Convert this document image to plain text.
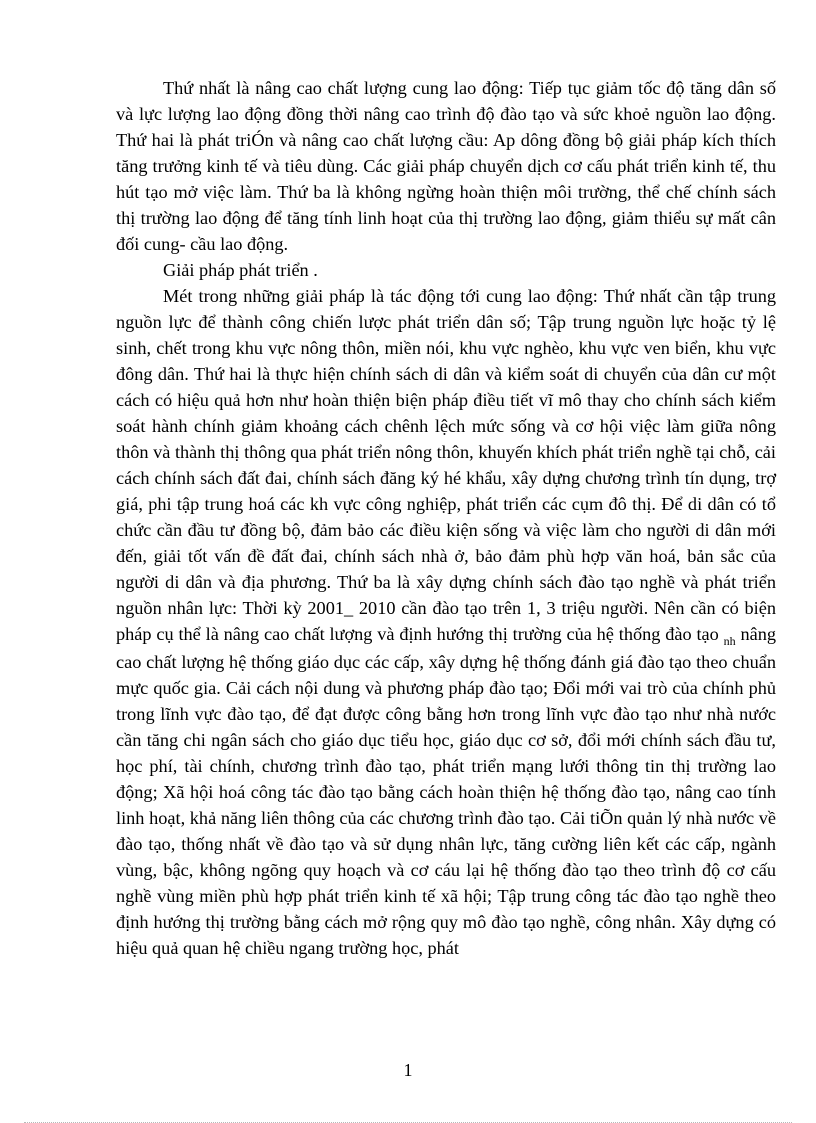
Thứ nhất là nâng cao chất lượng cung lao động: Tiếp tục giảm tốc độ tăng dân số và lực lượng lao động đồng thời nâng cao trình độ đào tạo và sức khoẻ nguồn lao động. Thứ hai là phát triÓn và nâng cao chất lượng cầu: Ap dông đồng bộ giải pháp kích thích tăng trưởng kinh tế và tiêu dùng. Các giải pháp chuyển dịch cơ cấu phát triển kinh tế, thu hút tạo mở việc làm. Thứ ba là không ngừng hoàn thiện môi trường, thể chế chính sách thị trường lao động để tăng tính linh hoạt của thị trường lao động, giảm thiểu sự mất cân đối cung- cầu lao động.

Giải pháp phát triển .

Mét trong những giải pháp là tác động tới cung lao động: Thứ nhất cần tập trung nguồn lực để thành công chiến lược phát triển dân số; Tập trung nguồn lực hoặc tỷ lệ sinh, chết trong khu vực nông thôn, miền nói, khu vực nghèo, khu vực ven biển, khu vực đông dân. Thứ hai là thực hiện chính sách di dân và kiểm soát di chuyển của dân cư một cách có hiệu quả hơn như hoàn thiện biện pháp điều tiết vĩ mô thay cho chính sách kiểm soát hành chính giảm khoảng cách chênh lệch mức sống và cơ hội việc làm giữa nông thôn và thành thị thông qua phát triển nông thôn, khuyến khích phát triển nghề tại chỗ, cải cách chính sách đất đai, chính sách đăng ký hé khẩu, xây dựng chương trình tín dụng, trợ giá, phi tập trung hoá các kh vực công nghiệp, phát triển các cụm đô thị. Để di dân có tổ chức cần đầu tư đồng bộ, đảm bảo các điều kiện sống và việc làm cho người di dân mới đến, giải tốt vấn đề đất đai, chính sách nhà ở, bảo đảm phù hợp văn hoá, bản sắc của người di dân và địa phương. Thứ ba là xây dựng chính sách đào tạo nghề và phát triển nguồn nhân lực: Thời kỳ 2001_ 2010 cần đào tạo trên 1, 3 triệu người. Nên cần có biện pháp cụ thể là nâng cao chất lượng và định hướng thị trường của hệ thống đào tạo $_{nh}$ nâng cao chất lượng hệ thống giáo dục các cấp, xây dựng hệ thống đánh giá đào tạo theo chuẩn mực quốc gia. Cải cách nội dung và phương pháp đào tạo; Đổi mới vai trò của chính phủ trong lĩnh vực đào tạo, để đạt được công bằng hơn trong lĩnh vực đào tạo như nhà nước cần tăng chi ngân sách cho giáo dục tiểu học, giáo dục cơ sở, đổi mới chính sách đầu tư, học phí, tài chính, chương trình đào tạo, phát triển mạng lưới thông tin thị trường lao động; Xã hội hoá công tác đào tạo bằng cách hoàn thiện hệ thống đào tạo, nâng cao tính linh hoạt, khả năng liên thông của các chương trình đào tạo. Cải tiÕn quản lý nhà nước về đào tạo, thống nhất về đào tạo và sử dụng nhân lực, tăng cường liên kết các cấp, ngành vùng, bậc, không ngõng quy hoạch và cơ cáu lại hệ thống đào tạo theo trình độ cơ cấu nghề vùng miền phù hợp phát triển kinh tế xã hội; Tập trung công tác đào tạo nghề theo định hướng thị trường bằng cách mở rộng quy mô đào tạo nghề, công nhân. Xây dựng có hiệu quả quan hệ chiều ngang trường học, phát

1
